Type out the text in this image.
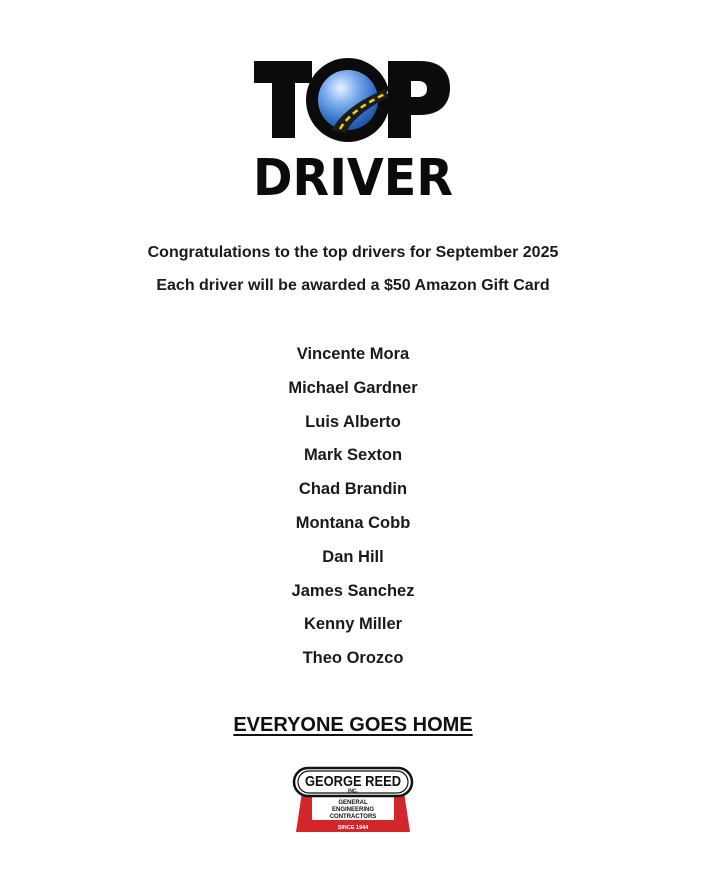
DRIVER
TOP
Congratulations to the top drivers for September 2025
Each driver will be awarded a $50 Amazon Gift Card
Vincente Mora
Michael Gardner
Luis Alberto
Mark Sexton
Chad Brandin
Montana Cobb
Dan Hill
James Sanchez
Kenny Miller
Theo Orozco
EVERYONE GOES HOME
GEORGE REED
INC.
GENERAL
ENGINEERING
CONTRACTORS
SINCE 1944
